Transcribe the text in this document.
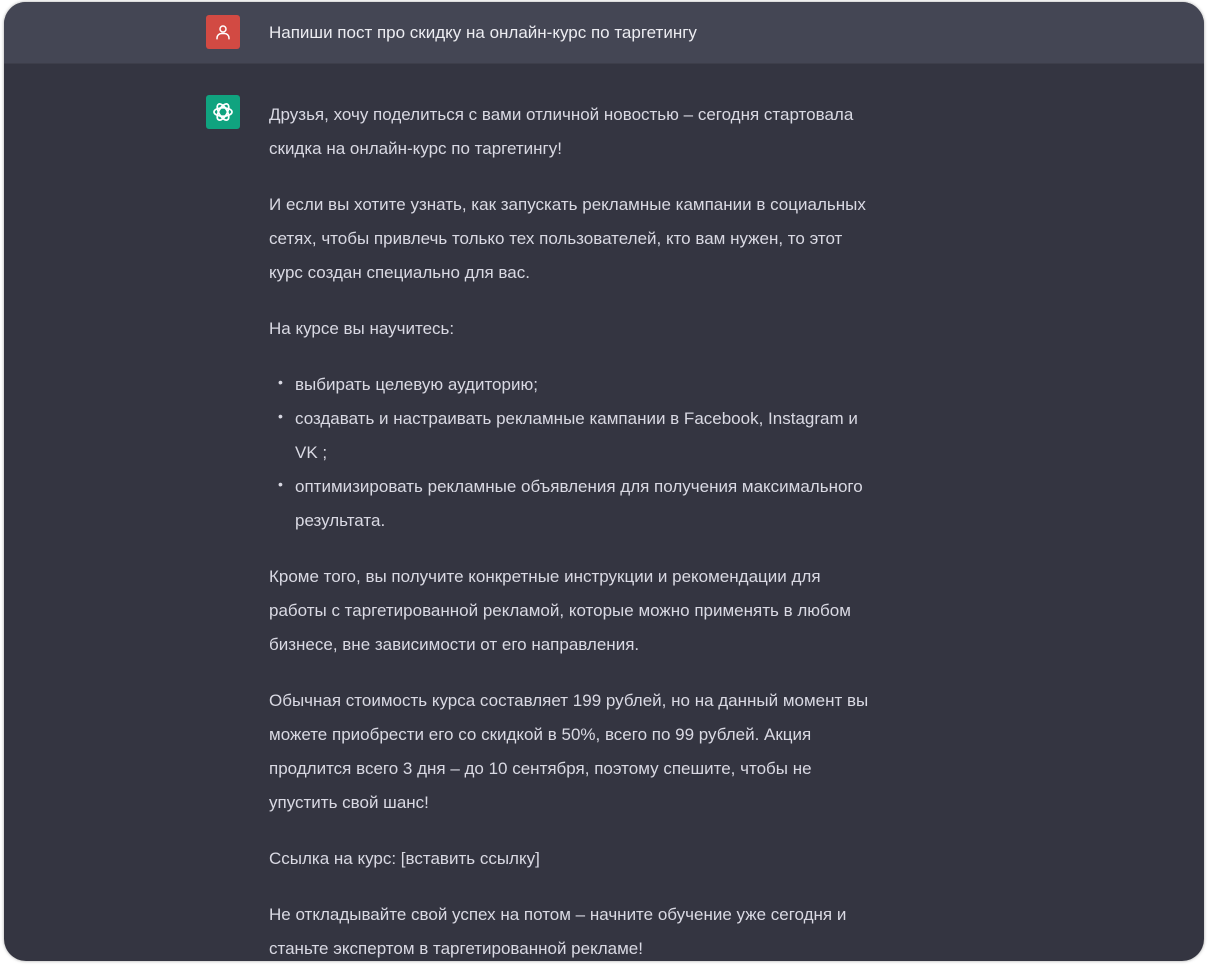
Напиши пост про скидку на онлайн-курс по таргетингу

Друзья, хочу поделиться с вами отличной новостью – сегодня стартовала скидка на онлайн-курс по таргетингу!

И если вы хотите узнать, как запускать рекламные кампании в социальных сетях, чтобы привлечь только тех пользователей, кто вам нужен, то этот курс создан специально для вас.

На курсе вы научитесь:

• выбирать целевую аудиторию;
• создавать и настраивать рекламные кампании в Facebook, Instagram и VK ;
• оптимизировать рекламные объявления для получения максимального результата.

Кроме того, вы получите конкретные инструкции и рекомендации для работы с таргетированной рекламой, которые можно применять в любом бизнесе, вне зависимости от его направления.

Обычная стоимость курса составляет 199 рублей, но на данный момент вы можете приобрести его со скидкой в 50%, всего по 99 рублей. Акция продлится всего 3 дня – до 10 сентября, поэтому спешите, чтобы не упустить свой шанс!

Ссылка на курс: [вставить ссылку]

Не откладывайте свой успех на потом – начните обучение уже сегодня и станьте экспертом в таргетированной рекламе!
